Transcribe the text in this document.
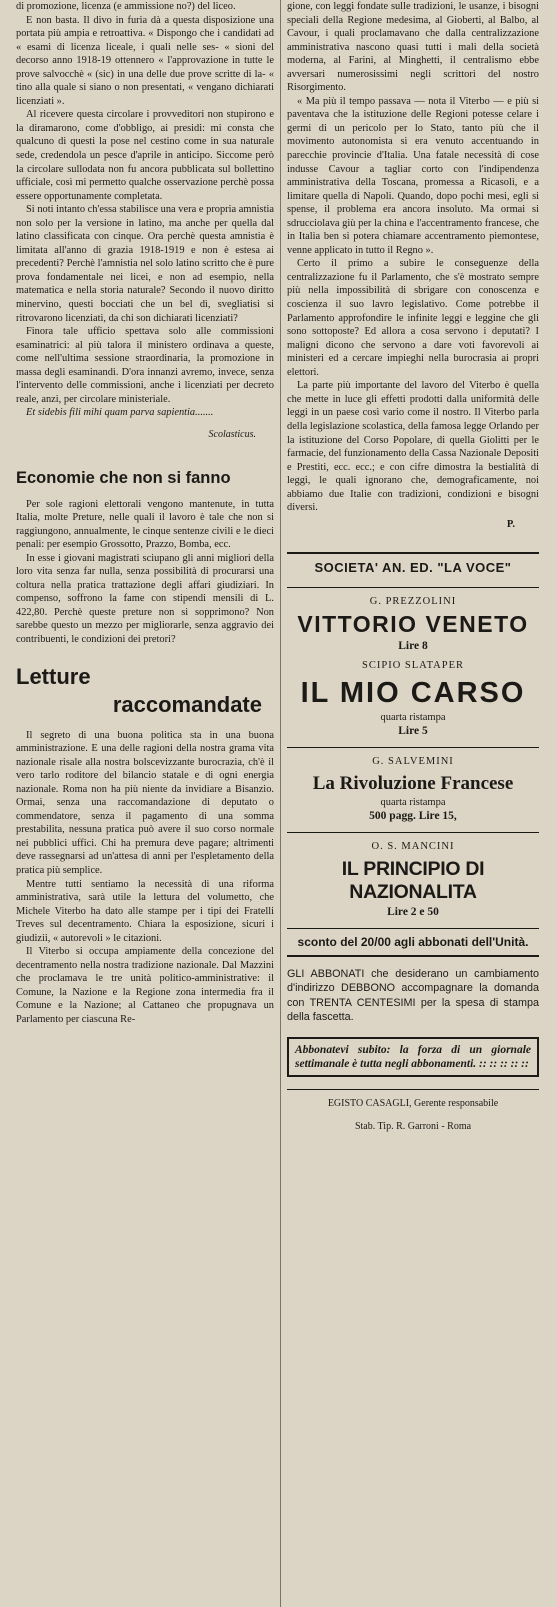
di promozione, licenza (e ammissione no?) del liceo.

E non basta. Il divo in furia dà a questa disposizione una portata più ampia e retroattiva. « Dispongo che i candidati ad « esami di licenza liceale, i quali nelle ses- « sioni del decorso anno 1918-19 ottennero « l'approvazione in tutte le prove salvocchè « (sic) in una delle due prove scritte di la- « tino alla quale si siano o non presentati, « vengano dichiarati licenziati ».

Al ricevere questa circolare i provveditori non stupirono e la diramarono, come d'obbligo, ai presidi: mi consta che qualcuno di questi la pose nel cestino come in sua naturale sede, credendola un pesce d'aprile in anticipo. Siccome però la circolare sullodata non fu ancora pubblicata sul bollettino ufficiale, così mi permetto qualche osservazione perchè possa essere opportunamente completata.

Si noti intanto ch'essa stabilisce una vera e propria amnistia non solo per la versione in latino, ma anche per quella dal latino classificata con cinque. Ora perchè questa amnistia è limitata all'anno di grazia 1918-1919 e non è estesa ai precedenti? Perchè l'amnistia nel solo latino scritto che è pure prova fondamentale nei licei, e non ad esempio, nella matematica e nella storia naturale? Secondo il nuovo diritto minervino, questi bocciati che un bel dì, svegliatisi si ritrovarono licenziati, da chi son dichiarati licenziati?

Finora tale ufficio spettava solo alle commissioni esaminatrici: al più talora il ministero ordinava a queste, come nell'ultima sessione straordinaria, la promozione in massa degli esaminandi. D'ora innanzi avremo, invece, senza l'intervento delle commissioni, anche i licenziati per decreto reale, anzi, per circolare ministeriale.

Et sidebis fili mihi quam parva sapientia.......

Scolasticus.

Economie che non si fanno

Per sole ragioni elettorali vengono mantenute, in tutta Italia, molte Preture, nelle quali il lavoro è tale che non si raggiungono, annualmente, le cinque sentenze civili e le dieci penali: per esempio Grossotto, Prazzo, Bomba, ecc.

In esse i giovani magistrati sciupano gli anni migliori della loro vita senza far nulla, senza possibilità di procurarsi una coltura nella pratica trattazione degli affari giudiziari. In compenso, soffrono la fame con stipendi mensili di L. 422,80. Perchè queste preture non si sopprimono? Non sarebbe questo un mezzo per migliorarle, senza aggravio dei contribuenti, le condizioni dei pretori?

Letture
raccomandate

Il segreto di una buona politica sta in una buona amministrazione. E una delle ragioni della nostra grama vita nazionale risale alla nostra bolscevizzante burocrazia, ch'è il vero tarlo roditore del bilancio statale e di ogni energia nazionale. Roma non ha più niente da invidiare a Bisanzio. Ormai, senza una raccomandazione di deputato o commendatore, senza il pagamento di una somma prestabilita, nessuna pratica può avere il suo corso normale nei pubblici uffici. Chi ha premura deve pagare; altrimenti deve rassegnarsi ad un'attesa di anni per l'espletamento della pratica più semplice.

Mentre tutti sentiamo la necessità di una riforma amministrativa, sarà utile la lettura del volumetto, che Michele Viterbo ha dato alle stampe per i tipi dei Fratelli Treves sul decentramento. Chiara la esposizione, sicuri i giudizii, « autorevoli » le citazioni.

Il Viterbo si occupa ampiamente della concezione del decentramento nella nostra tradizione nazionale. Dal Mazzini che proclamava le tre unità politico-amministrative: il Comune, la Nazione e la Regione zona intermedia fra il Comune e la Nazione; al Cattaneo che propugnava un Parlamento per ciascuna Re-

gione, con leggi fondate sulle tradizioni, le usanze, i bisogni speciali della Regione medesima, al Gioberti, al Balbo, al Cavour, i quali proclamavano che dalla centralizzazione amministrativa nascono quasi tutti i mali della società moderna, al Farini, al Minghetti, il centralismo ebbe avversari numerosissimi negli scrittori del nostro Risorgimento.

« Ma più il tempo passava — nota il Viterbo — e più si paventava che la istituzione delle Regioni potesse celare i germi di un pericolo per lo Stato, tanto più che il movimento autonomista si era venuto accentuando in parecchie provincie d'Italia. Una fatale necessità di cose indusse Cavour a tagliar corto con l'indipendenza amministrativa della Toscana, promessa a Ricasoli, e a limitare quella di Napoli. Quando, dopo pochi mesi, egli si spense, il problema era ancora insoluto. Ma ormai si sdrucciolava giù per la china e l'accentramento francese, che in Italia ben si potera chiamare accentramento piemontese, venne applicato in tutto il Regno ».

Certo il primo a subire le conseguenze della centralizzazione fu il Parlamento, che s'è mostrato sempre più nella impossibilità di sbrigare con conoscenza e coscienza il suo lavro legislativo. Come potrebbe il Parlamento approfondire le infinite leggi e leggine che gli sono sottoposte? Ed allora a cosa servono i deputati? I maligni dicono che servono a dare voti favorevoli ai ministeri ed a cercare impieghi nella burocrasia ai propri elettori.

La parte più importante del lavoro del Viterbo è quella che mette in luce gli effetti prodotti dalla uniformità delle leggi in un paese così vario come il nostro. Il Viterbo parla della legislazione scolastica, della famosa legge Orlando per la istituzione del Corso Popolare, di quella Giolitti per le farmacie, del funzionamento della Cassa Nazionale Depositi e Prestiti, ecc. ecc.; e con cifre dimostra la bestialità di leggi, le quali ignorano che, demograficamente, noi abbiamo due Italie con tradizioni, condizioni e bisogni diversi.

P.
SOCIETA' AN. ED. "LA VOCE"
G. PREZZOLINI
VITTORIO VENETO
Lire 8
SCIPIO SLATAPER
IL MIO CARSO
quarta ristampa
Lire 5
G. SALVEMINI
La Rivoluzione Francese
quarta ristampa
500 pagg. Lire 15,
O. S. MANCINI
IL PRINCIPIO DI NAZIONALITA
Lire 2 e 50
sconto del 20/00 agli abbonati dell'Unità.
GLI ABBONATI che desiderano un cambiamento d'indirizzo DEBBONO accompagnare la domanda con TRENTA CENTESIMI per la spesa di stampa della fascetta.
Abbonatevi subito: la forza di un giornale settimanale è tutta negli abbonamenti. :: :: :: :: ::
EGISTO CASAGLI, Gerente responsabile
Stab. Tip. R. Garroni - Roma
